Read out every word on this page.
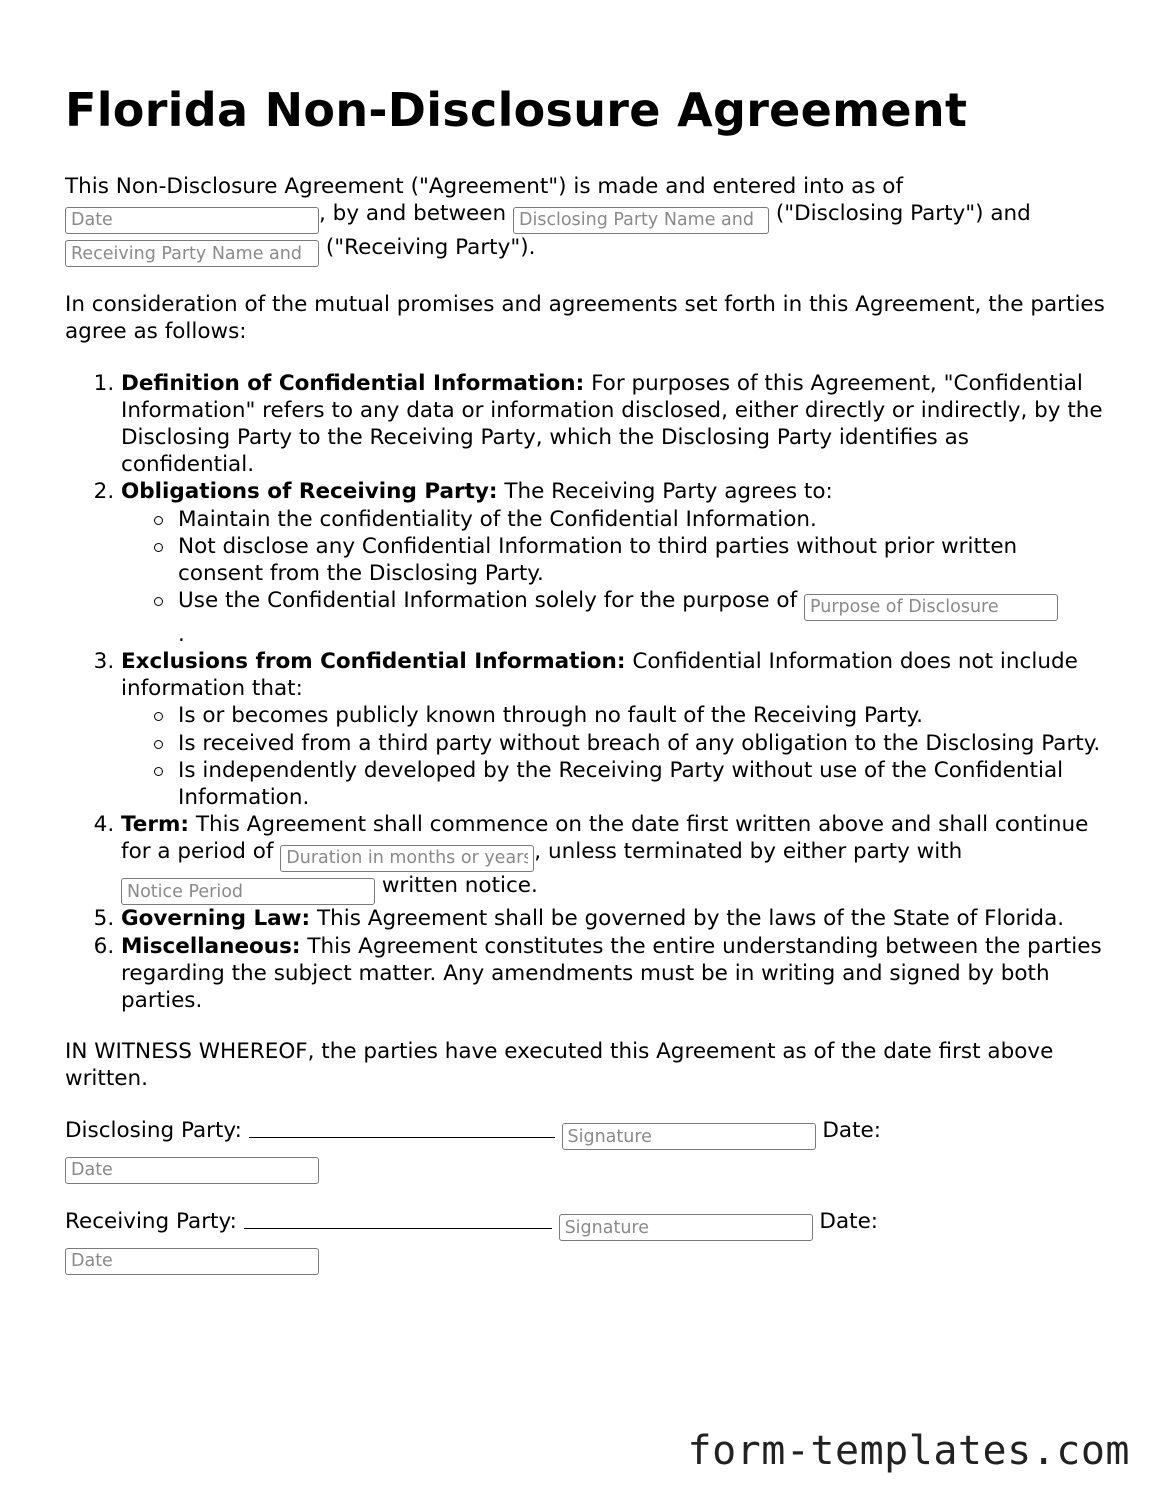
Florida Non-Disclosure Agreement

This Non-Disclosure Agreement ("Agreement") is made and entered into as of
Date, by and between Disclosing Party Name and	("Disclosing Party") and
Receiving Party Name and ("Receiving Party").

In consideration of the mutual promises and agreements set forth in this Agreement, the parties agree as follows:

1. Definition of Confidential Information: For purposes of this Agreement, "Confidential Information" refers to any data or information disclosed, either directly or indirectly, by the Disclosing Party to the Receiving Party, which the Disclosing Party identifies as confidential.
2. Obligations of Receiving Party: The Receiving Party agrees to:
Maintain the confidentiality of the Confidential Information.
Not disclose any Confidential Information to third parties without prior written consent from the Disclosing Party.
Use the Confidential Information solely for the purpose of Purpose of Disclosure
.
3. Exclusions from Confidential Information: Confidential Information does not include information that:
Is or becomes publicly known through no fault of the Receiving Party.
Is received from a third party without breach of any obligation to the Disclosing Party.
Is independently developed by the Receiving Party without use of the Confidential Information.
4. Term: This Agreement shall commence on the date first written above and shall continue for a period of Duration in months or years	, unless terminated by either party with Notice Period written notice.
5. Governing Law: This Agreement shall be governed by the laws of the State of Florida.
6. Miscellaneous: This Agreement constitutes the entire understanding between the parties regarding the subject matter. Any amendments must be in writing and signed by both parties.

IN WITNESS WHEREOF, the parties have executed this Agreement as of the date first above written.

Disclosing Party:  Signature	Date:
Date
Receiving Party:  Signature	Date:
Date
form-templates.com
